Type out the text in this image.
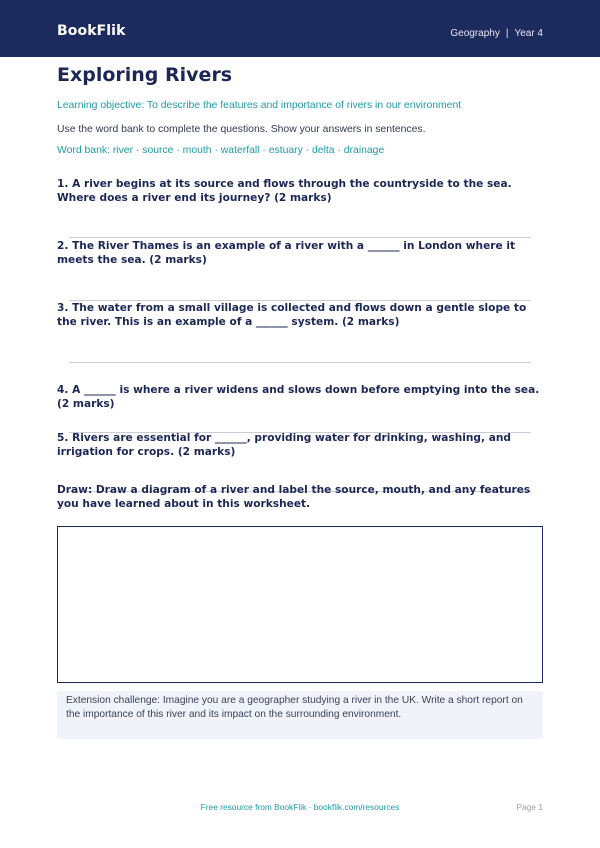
BookFlik	Geography | Year 4
Exploring Rivers
Learning objective: To describe the features and importance of rivers in our environment
Use the word bank to complete the questions. Show your answers in sentences.
Word bank: river · source · mouth · waterfall · estuary · delta · drainage
1. A river begins at its source and flows through the countryside to the sea. Where does a river end its journey? (2 marks)
2. The River Thames is an example of a river with a ______ in London where it meets the sea. (2 marks)
3. The water from a small village is collected and flows down a gentle slope to the river. This is an example of a ______ system. (2 marks)
4. A ______ is where a river widens and slows down before emptying into the sea. (2 marks)
5. Rivers are essential for ______, providing water for drinking, washing, and irrigation for crops. (2 marks)
Draw: Draw a diagram of a river and label the source, mouth, and any features you have learned about in this worksheet.
Extension challenge: Imagine you are a geographer studying a river in the UK. Write a short report on the importance of this river and its impact on the surrounding environment.
Free resource from BookFlik · bookflik.com/resources	Page 1
